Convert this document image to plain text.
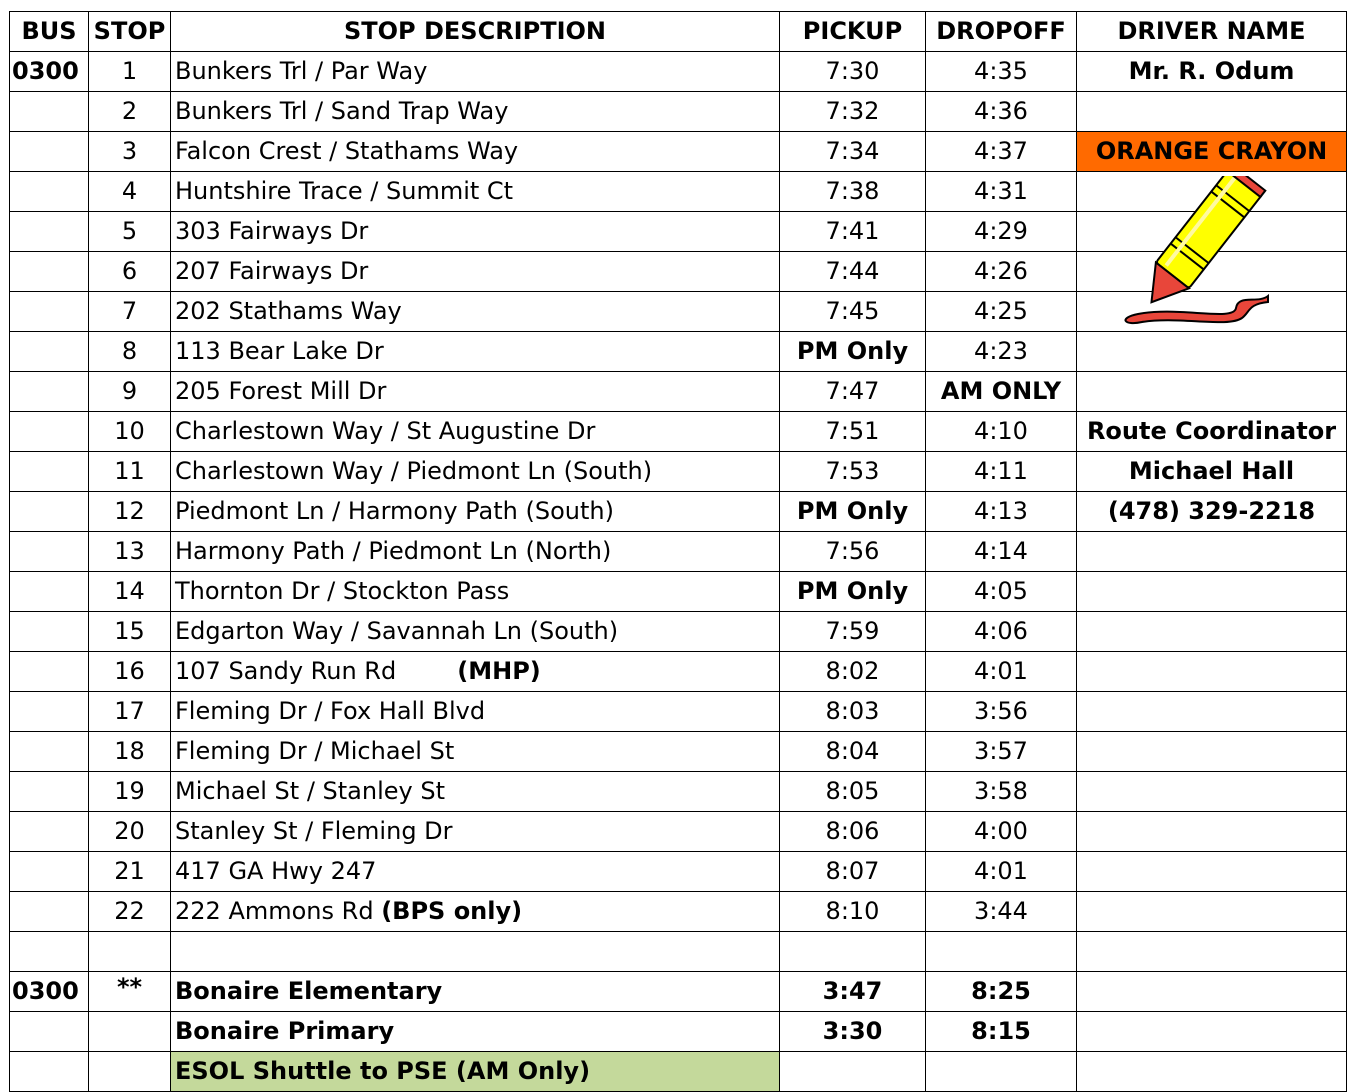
BUS	STOP	STOP DESCRIPTION	PICKUP	DROPOFF	DRIVER NAME
0300	1	Bunkers Trl / Par Way	7:30	4:35	Mr. R. Odum
	2	Bunkers Trl / Sand Trap Way	7:32	4:36	
	3	Falcon Crest / Stathams Way	7:34	4:37	ORANGE CRAYON
	4	Huntshire Trace / Summit Ct	7:38	4:31	
	5	303 Fairways Dr	7:41	4:29	
	6	207 Fairways Dr	7:44	4:26	
	7	202 Stathams Way	7:45	4:25	
	8	113 Bear Lake Dr	PM Only	4:23	
	9	205 Forest Mill Dr	7:47	AM ONLY	
	10	Charlestown Way / St Augustine Dr	7:51	4:10	Route Coordinator
	11	Charlestown Way / Piedmont Ln (South)	7:53	4:11	Michael Hall
	12	Piedmont Ln / Harmony Path (South)	PM Only	4:13	(478) 329-2218
	13	Harmony Path / Piedmont Ln (North)	7:56	4:14	
	14	Thornton Dr / Stockton Pass	PM Only	4:05	
	15	Edgarton Way / Savannah Ln (South)	7:59	4:06	
	16	107 Sandy Run Rd (MHP)	8:02	4:01	
	17	Fleming Dr / Fox Hall Blvd	8:03	3:56	
	18	Fleming Dr / Michael St	8:04	3:57	
	19	Michael St / Stanley St	8:05	3:58	
	20	Stanley St / Fleming Dr	8:06	4:00	
	21	417 GA Hwy 247	8:07	4:01	
	22	222 Ammons Rd (BPS only)	8:10	3:44	

0300	**	Bonaire Elementary	3:47	8:25	
		Bonaire Primary	3:30	8:15	
		ESOL Shuttle to PSE (AM Only)			
